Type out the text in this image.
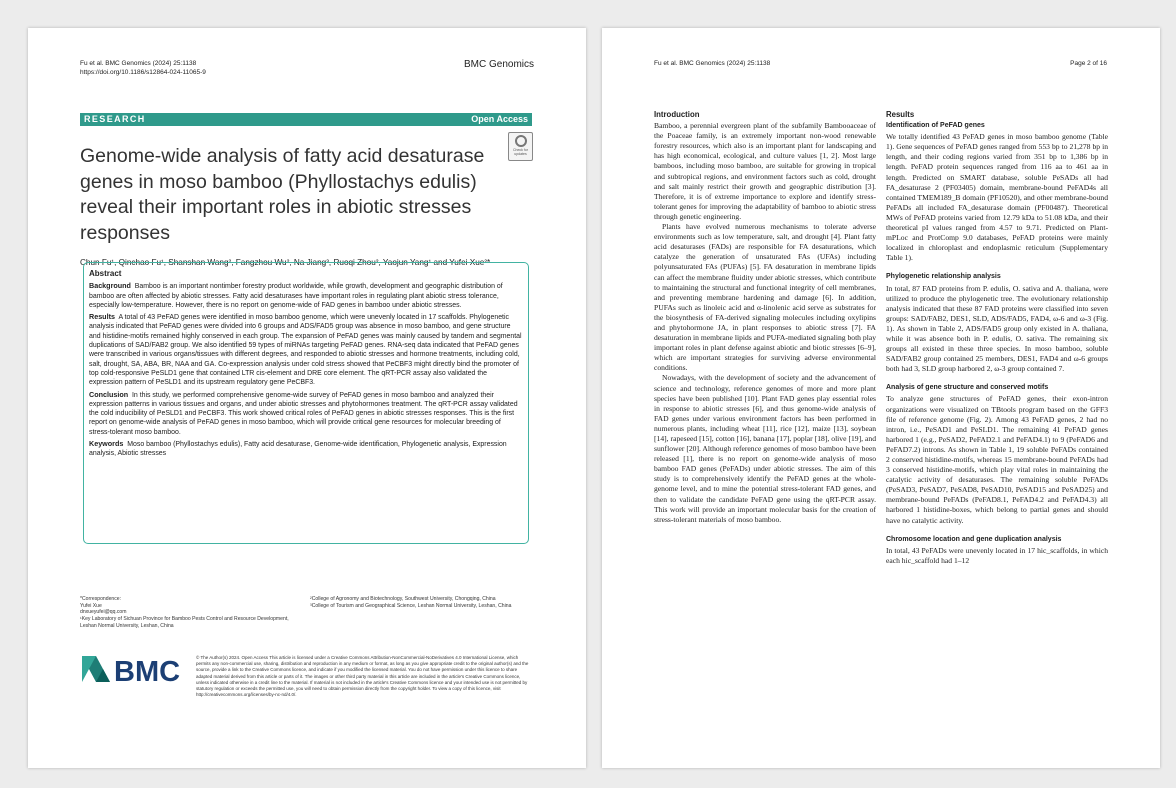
Fu et al. BMC Genomics (2024) 25:1138
https://doi.org/10.1186/s12864-024-11065-9
BMC Genomics
RESEARCH	Open Access
Check for updates
Genome-wide analysis of fatty acid desaturase genes in moso bamboo (Phyllostachys edulis) reveal their important roles in abiotic stresses responses
Chun Fu¹, Qinchao Fu¹, Shanshan Wang², Fangzhou Wu², Na Jiang³, Ruoqi Zhou², Yaojun Yang¹ and Yufei Xue²*
Abstract

Background Bamboo is an important nontimber forestry product worldwide, while growth, development and geographic distribution of bamboo are often affected by abiotic stresses. Fatty acid desaturases have important roles in regulating plant abiotic stress tolerance, especially low-temperature. However, there is no report on genome-wide of FAD genes in bamboo under abiotic stresses.

Results A total of 43 PeFAD genes were identified in moso bamboo genome, which were unevenly located in 17 scaffolds. Phylogenetic analysis indicated that PeFAD genes were divided into 6 groups and ADS/FAD5 group was absence in moso bamboo, and gene structure and histidine-motifs remained highly conserved in each group. The expansion of PeFAD genes was mainly caused by tandem and segmental duplications of SAD/FAB2 group. We also identified 59 types of miRNAs targeting PeFAD genes. RNA-seq data indicated that PeFAD genes were transcribed in various organs/tissues with different degrees, and responded to abiotic stresses and hormone treatments, including cold, salt, drought, SA, ABA, BR, NAA and GA. Co-expression analysis under cold stress showed that PeCBF3 might directly bind the promoter of top cold-responsive PeSLD1 gene that contained LTR cis-element and DRE core element. The qRT-PCR assay also validated the expression pattern of PeSLD1 and its upstream regulatory gene PeCBF3.

Conclusion In this study, we performed comprehensive genome-wide survey of PeFAD genes in moso bamboo and analyzed their expression patterns in various tissues and organs, and under abiotic stresses and phytohormones treatment. The qRT-PCR assay validated the cold inducibility of PeSLD1 and PeCBF3. This work showed critical roles of PeFAD genes in abiotic stresses responses. This is the first report on genome-wide analysis of PeFAD genes in moso bamboo, which will provide critical gene resources for molecular breeding of stress-tolerant moso bamboo.

Keywords Moso bamboo (Phyllostachys edulis), Fatty acid desaturase, Genome-wide identification, Phylogenetic analysis, Expression analysis, Abiotic stresses

*Correspondence:
Yufei Xue
dnxueyufei@qq.com
¹Key Laboratory of Sichuan Province for Bamboo Pests Control and Resource Development, Leshan Normal University, Leshan, China
²College of Agronomy and Biotechnology, Southwest University, Chongqing, China
³College of Tourism and Geographical Science, Leshan Normal University, Leshan, China
BMC	© The Author(s) 2024. Open Access This article is licensed under a Creative Commons Attribution-NonCommercial-NoDerivatives 4.0 International License, which permits any non-commercial use, sharing, distribution and reproduction in any medium or format, as long as you give appropriate credit to the original author(s) and the source, provide a link to the Creative Commons licence, and indicate if you modified the licensed material. You do not have permission under this licence to share adapted material derived from this article or parts of it. The images or other third party material in this article are included in the article's Creative Commons licence, unless indicated otherwise in a credit line to the material. If material is not included in the article's Creative Commons licence and your intended use is not permitted by statutory regulation or exceeds the permitted use, you will need to obtain permission directly from the copyright holder. To view a copy of this licence, visit http://creativecommons.org/licenses/by-nc-nd/4.0/.
Fu et al. BMC Genomics (2024) 25:1138	Page 2 of 16
Introduction

Bamboo, a perennial evergreen plant of the subfamily Bambooaceae of the Poaceae family, is an extremely important non-wood renewable forestry resources, which also is an important plant for landscaping and has high economical, ecological, and culture values [1, 2]. Most large bamboos, including moso bamboo, are suitable for growing in tropical and subtropical regions, and environment factors such as cold, drought and salt mainly restrict their growth and geographic distribution [3]. Therefore, it is of extreme importance to explore and identify stress-tolerant genes for improving the adaptability of bamboo to abiotic stress through genetic engineering.

Plants have evolved numerous mechanisms to tolerate adverse environments such as low temperature, salt, and drought [4]. Plant fatty acid desaturases (FADs) are responsible for FA desaturations, which catalyze the generation of unsaturated FAs (UFAs) including polyunsaturated FAs (PUFAs) [5]. FA desaturation in membrane lipids can affect the membrane fluidity under abiotic stresses, which contribute to maintaining the structural and functional integrity of cell membranes, and preventing membrane hardening and damage [6]. In addition, PUFAs such as linoleic acid and α-linolenic acid serve as substrates for the biosynthesis of FA-derived signaling molecules including oxylipins and phytohormone JA, in plant responses to abiotic stress [7]. FA desaturation in membrane lipids and PUFA-mediated signaling both play important roles in plant defense against abiotic and biotic stresses [6–9], which are important strategies for surviving adverse environmental conditions.

Nowadays, with the development of society and the advancement of science and technology, reference genomes of more and more plant species have been published [10]. Plant FAD genes play essential roles in response to abiotic stresses [6], and thus genome-wide analysis of FAD genes under various environment factors has been performed in numerous plants, including wheat [11], rice [12], maize [13], soybean [14], rapeseed [15], cotton [16], banana [17], poplar [18], olive [19], and sunflower [20]. Although reference genomes of moso bamboo have been released [1], there is no report on genome-wide analysis of moso bamboo FAD genes (PeFADs) under abiotic stresses. The aim of this study is to comprehensively identify the PeFAD genes at the whole-genome level, and to mine the potential stress-tolerant FAD genes, and then to validate the candidate PeFAD gene using the qRT-PCR assay. This work will provide an important molecular basis for the creation of stress-tolerant materials of moso bamboo.

Results
Identification of PeFAD genes

We totally identified 43 PeFAD genes in moso bamboo genome (Table 1). Gene sequences of PeFAD genes ranged from 553 bp to 21,278 bp in length, and their coding regions varied from 351 bp to 1,386 bp in length. PeFAD protein sequences ranged from 116 aa to 461 aa in length. Predicted on SMART database, soluble PeSADs all had FA_desaturase 2 (PF03405) domain, membrane-bound PeFAD4s all contained TMEM189_B domain (PF10520), and other membrane-bound PeFADs all included FA_desaturase domain (PF00487). Theoretical MWs of PeFAD proteins varied from 12.79 kDa to 51.08 kDa, and their theoretical pI values ranged from 4.57 to 9.71. Predicted on Plant-mPLoc and ProtComp 9.0 databases, PeFAD proteins were mainly localized in chloroplast and endoplasmic reticulum (Supplementary Table 1).

Phylogenetic relationship analysis

In total, 87 FAD proteins from P. edulis, O. sativa and A. thaliana, were utilized to produce the phylogenetic tree. The evolutionary relationship analysis indicated that these 87 FAD proteins were classified into seven groups: SAD/FAB2, DES1, SLD, ADS/FAD5, FAD4, ω-6 and ω-3 (Fig. 1). As shown in Table 2, ADS/FAD5 group only existed in A. thaliana, while it was absence both in P. edulis, O. sativa. The remaining six groups all existed in these three species. In moso bamboo, soluble SAD/FAB2 group contained 25 members, DES1, FAD4 and ω-6 groups both had 3, SLD group harbored 2, ω-3 group contained 7.

Analysis of gene structure and conserved motifs

To analyze gene structures of PeFAD genes, their exon-intron organizations were visualized on TBtools program based on the GFF3 file of reference genome (Fig. 2). Among 43 PeFAD genes, 2 had no intron, i.e., PeSAD1 and PeSLD1. The remaining 41 PeFAD genes harbored 1 (e.g., PeSAD2, PeFAD2.1 and PeFAD4.1) to 9 (PeFAD6 and PeFAD7.2) introns. As shown in Table 1, 19 soluble PeFADs contained 2 conserved histidine-motifs, whereas 15 membrane-bound PeFADs had 3 conserved histidine-motifs, which play vital roles in maintaining the catalytic activity of desaturases. The remaining soluble PeFADs (PeSAD3, PeSAD7, PeSAD8, PeSAD10, PeSAD15 and PeSAD25) and membrane-bound PeFADs (PeFAD8.1, PeFAD4.2 and PeFAD4.3) all harbored 1 histidine-boxes, which belong to partial genes and should have no catalytic activity.

Chromosome location and gene duplication analysis

In total, 43 PeFADs were unevenly located in 17 hic_scaffolds, in which each hic_scaffold had 1–12
